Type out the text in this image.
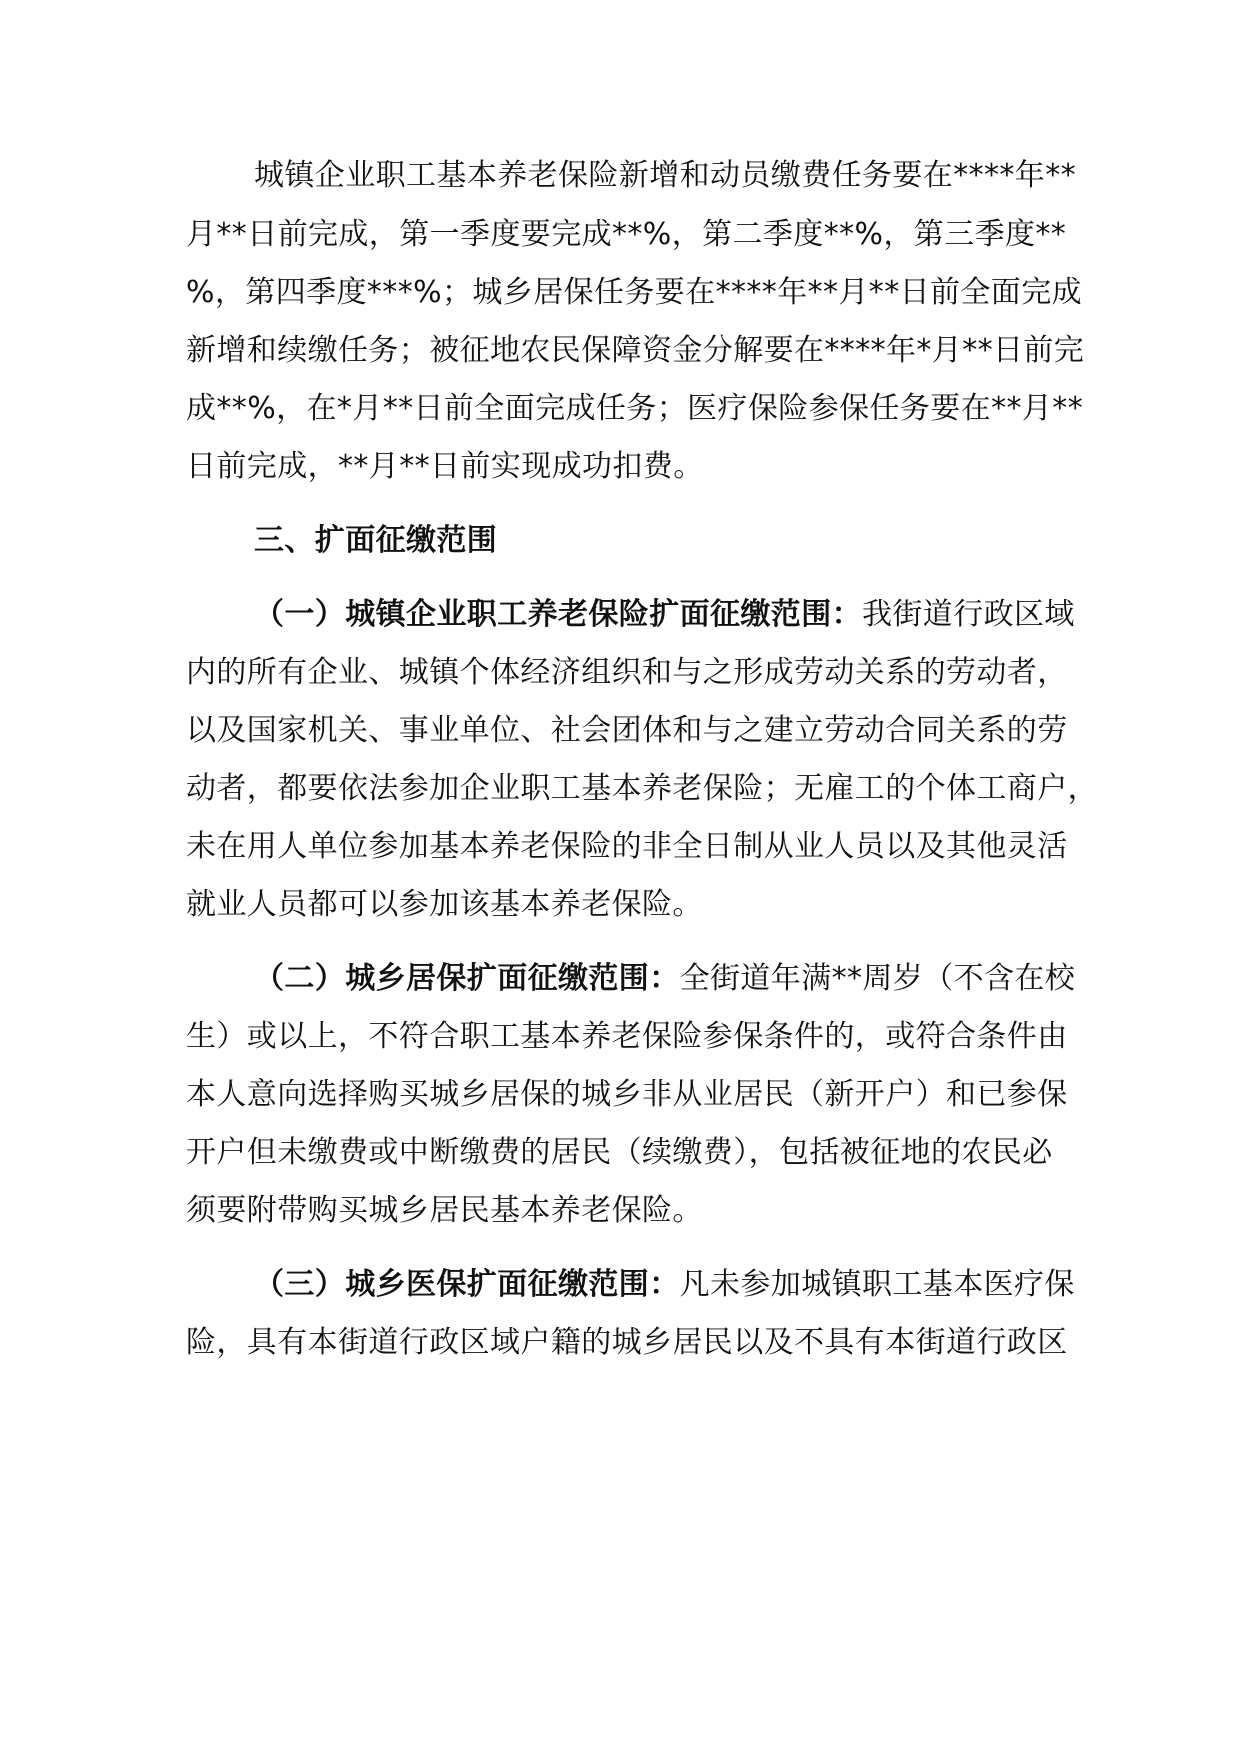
城镇企业职工基本养老保险新增和动员缴费任务要在****年**
月**日前完成，第一季度要完成**%，第二季度**%，第三季度**
%，第四季度***%；城乡居保任务要在****年**月**日前全面完成
新增和续缴任务；被征地农民保障资金分解要在****年*月**日前完
成**%，在*月**日前全面完成任务；医疗保险参保任务要在**月**
日前完成，**月**日前实现成功扣费。
三、扩面征缴范围
（一）城镇企业职工养老保险扩面征缴范围：我街道行政区域
内的所有企业、城镇个体经济组织和与之形成劳动关系的劳动者，
以及国家机关、事业单位、社会团体和与之建立劳动合同关系的劳
动者，都要依法参加企业职工基本养老保险；无雇工的个体工商户，
未在用人单位参加基本养老保险的非全日制从业人员以及其他灵活
就业人员都可以参加该基本养老保险。
（二）城乡居保扩面征缴范围：全街道年满**周岁（不含在校
生）或以上，不符合职工基本养老保险参保条件的，或符合条件由
本人意向选择购买城乡居保的城乡非从业居民（新开户）和已参保
开户但未缴费或中断缴费的居民（续缴费），包括被征地的农民必
须要附带购买城乡居民基本养老保险。
（三）城乡医保扩面征缴范围：凡未参加城镇职工基本医疗保
险，具有本街道行政区域户籍的城乡居民以及不具有本街道行政区
